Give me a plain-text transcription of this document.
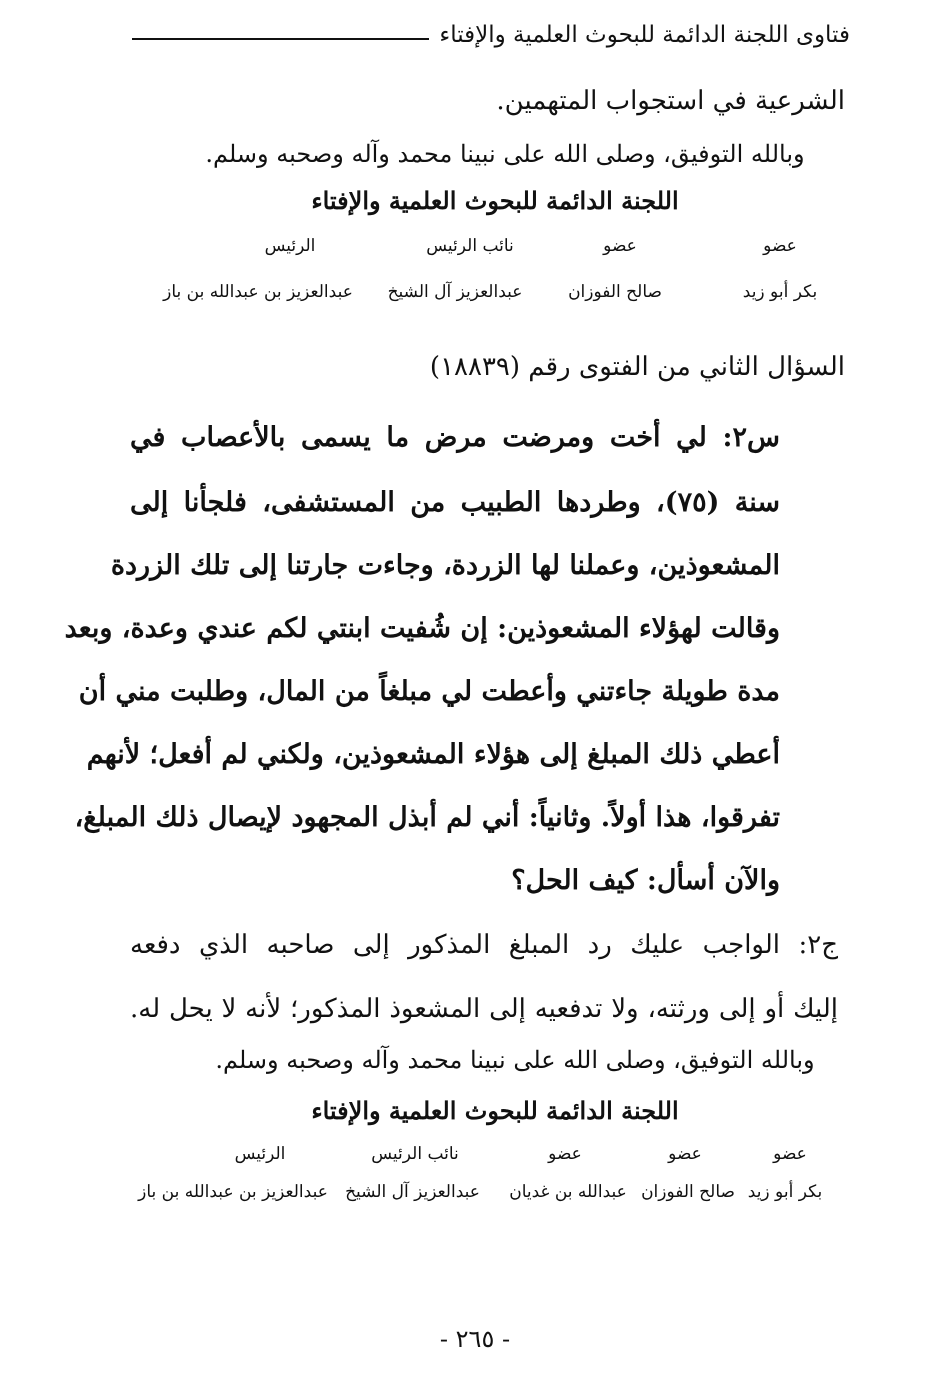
فتاوى اللجنة الدائمة للبحوث العلمية والإفتاء

الشرعية في استجواب المتهمين.

وبالله التوفيق، وصلى الله على نبينا محمد وآله وصحبه وسلم.

اللجنة الدائمة للبحوث العلمية والإفتاء

عضو
بكر أبو زيد
عضو
صالح الفوزان
نائب الرئيس
عبدالعزيز آل الشيخ
الرئيس
عبدالعزيز بن عبدالله بن باز

السؤال الثاني من الفتوى رقم (١٨٨٣٩)

س٢: لي أخت ومرضت مرض ما يسمى بالأعصاب في

سنة (٧٥)، وطردها الطبيب من المستشفى، فلجأنا إلى

المشعوذين، وعملنا لها الزردة، وجاءت جارتنا إلى تلك الزردة

وقالت لهؤلاء المشعوذين: إن شُفيت ابنتي لكم عندي وعدة، وبعد

مدة طويلة جاءتني وأعطت لي مبلغاً من المال، وطلبت مني أن

أعطي ذلك المبلغ إلى هؤلاء المشعوذين، ولكني لم أفعل؛ لأنهم

تفرقوا، هذا أولاً. وثانياً: أني لم أبذل المجهود لإيصال ذلك المبلغ،

والآن أسأل: كيف الحل؟

ج٢: الواجب عليك رد المبلغ المذكور إلى صاحبه الذي دفعه

إليك أو إلى ورثته، ولا تدفعيه إلى المشعوذ المذكور؛ لأنه لا يحل له.

وبالله التوفيق، وصلى الله على نبينا محمد وآله وصحبه وسلم.

اللجنة الدائمة للبحوث العلمية والإفتاء

عضو
بكر أبو زيد
عضو
صالح الفوزان
عضو
عبدالله بن غديان
نائب الرئيس
عبدالعزيز آل الشيخ
الرئيس
عبدالعزيز بن عبدالله بن باز
- ٢٦٥ -
